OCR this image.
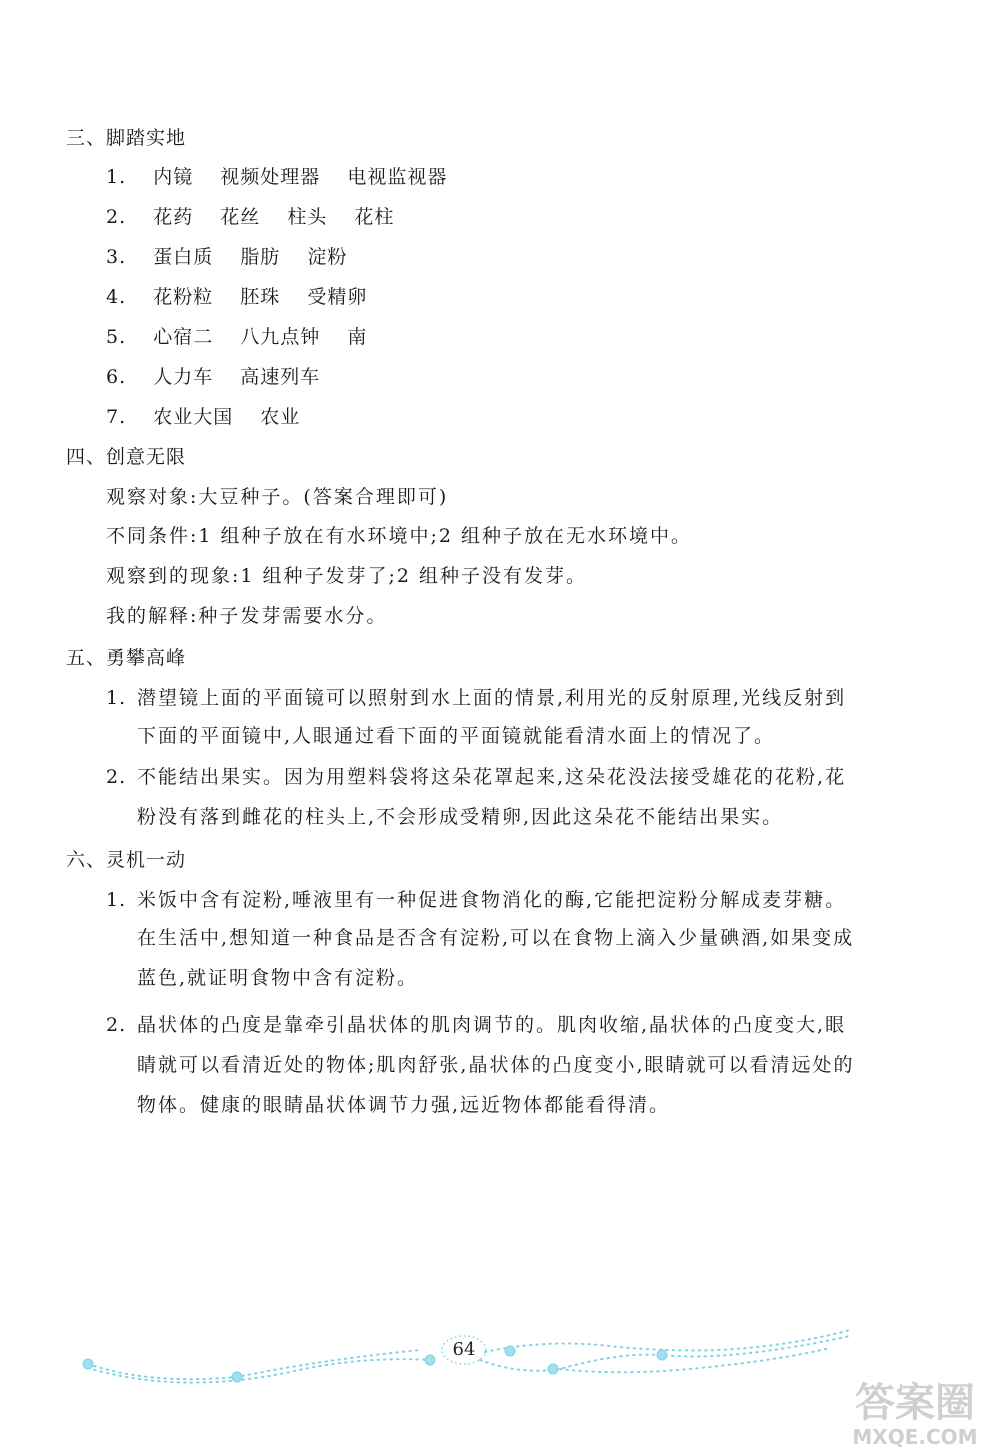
三、脚踏实地
1. 内镜 视频处理器 电视监视器
2. 花药 花丝 柱头 花柱
3. 蛋白质 脂肪 淀粉
4. 花粉粒 胚珠 受精卵
5. 心宿二 八九点钟 南
6. 人力车 高速列车
7. 农业大国 农业
四、创意无限
观察对象:大豆种子。(答案合理即可)
不同条件:1 组种子放在有水环境中;2 组种子放在无水环境中。
观察到的现象:1 组种子发芽了;2 组种子没有发芽。
我的解释:种子发芽需要水分。
五、勇攀高峰
1. 潜望镜上面的平面镜可以照射到水上面的情景,利用光的反射原理,光线反射到
下面的平面镜中,人眼通过看下面的平面镜就能看清水面上的情况了。
2. 不能结出果实。因为用塑料袋将这朵花罩起来,这朵花没法接受雄花的花粉,花
粉没有落到雌花的柱头上,不会形成受精卵,因此这朵花不能结出果实。
六、灵机一动
1. 米饭中含有淀粉,唾液里有一种促进食物消化的酶,它能把淀粉分解成麦芽糖。
在生活中,想知道一种食品是否含有淀粉,可以在食物上滴入少量碘酒,如果变成
蓝色,就证明食物中含有淀粉。
2. 晶状体的凸度是靠牵引晶状体的肌肉调节的。肌肉收缩,晶状体的凸度变大,眼
睛就可以看清近处的物体;肌肉舒张,晶状体的凸度变小,眼睛就可以看清远处的
物体。健康的眼睛晶状体调节力强,远近物体都能看得清。
64
答案圈
MXQE.COM
